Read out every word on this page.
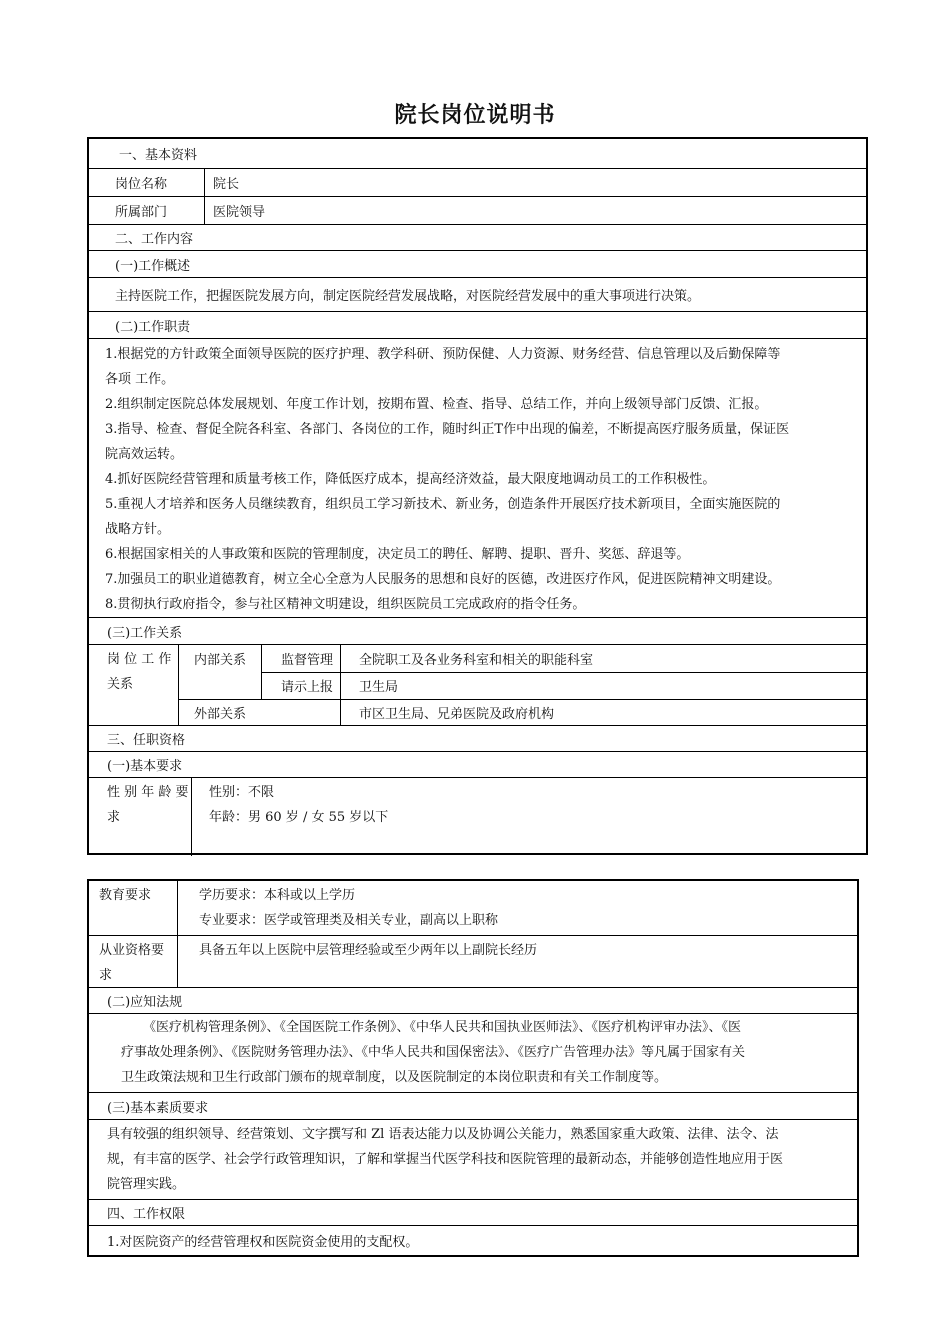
院长岗位说明书
一、基本资料
岗位名称	院长
所属部门	医院领导
二、工作内容
(一)工作概述
主持医院工作，把握医院发展方向，制定医院经营发展战略，对医院经营发展中的重大事项进行决策。
(二)工作职责
1.根据党的方针政策全面领导医院的医疗护理、教学科研、预防保健、人力资源、财务经营、信息管理以及后勤保障等
各项 工作。
2.组织制定医院总体发展规划、年度工作计划，按期布置、检查、指导、总结工作，并向上级领导部门反馈、汇报。
3.指导、检查、督促全院各科室、各部门、各岗位的工作，随时纠正T作中出现的偏差，不断提高医疗服务质量，保证医
院高效运转。
4.抓好医院经营管理和质量考核工作，降低医疗成本，提高经济效益，最大限度地调动员工的工作积极性。
5.重视人才培养和医务人员继续教育，组织员工学习新技术、新业务，创造条件开展医疗技术新项目，全面实施医院的
战略方针。
6.根据国家相关的人事政策和医院的管理制度，决定员工的聘任、解聘、提职、晋升、奖惩、辞退等。
7.加强员工的职业道德教育，树立全心全意为人民服务的思想和良好的医德，改进医疗作风，促进医院精神文明建设。
8.贯彻执行政府指令，参与社区精神文明建设，组织医院员工完成政府的指令任务。
(三)工作关系
岗 位 工 作
关系
内部关系	监督管理	全院职工及各业务科室和相关的职能科室
请示上报	卫生局
外部关系	市区卫生局、兄弟医院及政府机构
三、任职资格
(一)基本要求
性 别 年 龄 要
求
性别：不限
年龄：男 60 岁 / 女 55 岁以下
教育要求	学历要求：本科或以上学历
专业要求：医学或管理类及相关专业，副高以上职称
从业资格要
求
具备五年以上医院中层管理经验或至少两年以上副院长经历
(二)应知法规
《医疗机构管理条例》、《全国医院工作条例》、《中华人民共和国执业医师法》、《医疗机构评审办法》、《医
疗事故处理条例》、《医院财务管理办法》、《中华人民共和国保密法》、《医疗广告管理办法》等凡属于国家有关
卫生政策法规和卫生行政部门颁布的规章制度，以及医院制定的本岗位职责和有关工作制度等。
(三)基本素质要求
具有较强的组织领导、经营策划、文字撰写和 Zl 语表达能力以及协调公关能力，熟悉国家重大政策、法律、法令、法
规，有丰富的医学、社会学行政管理知识，了解和掌握当代医学科技和医院管理的最新动态，并能够创造性地应用于医
院管理实践。
四、工作权限
1.对医院资产的经营管理权和医院资金使用的支配权。
